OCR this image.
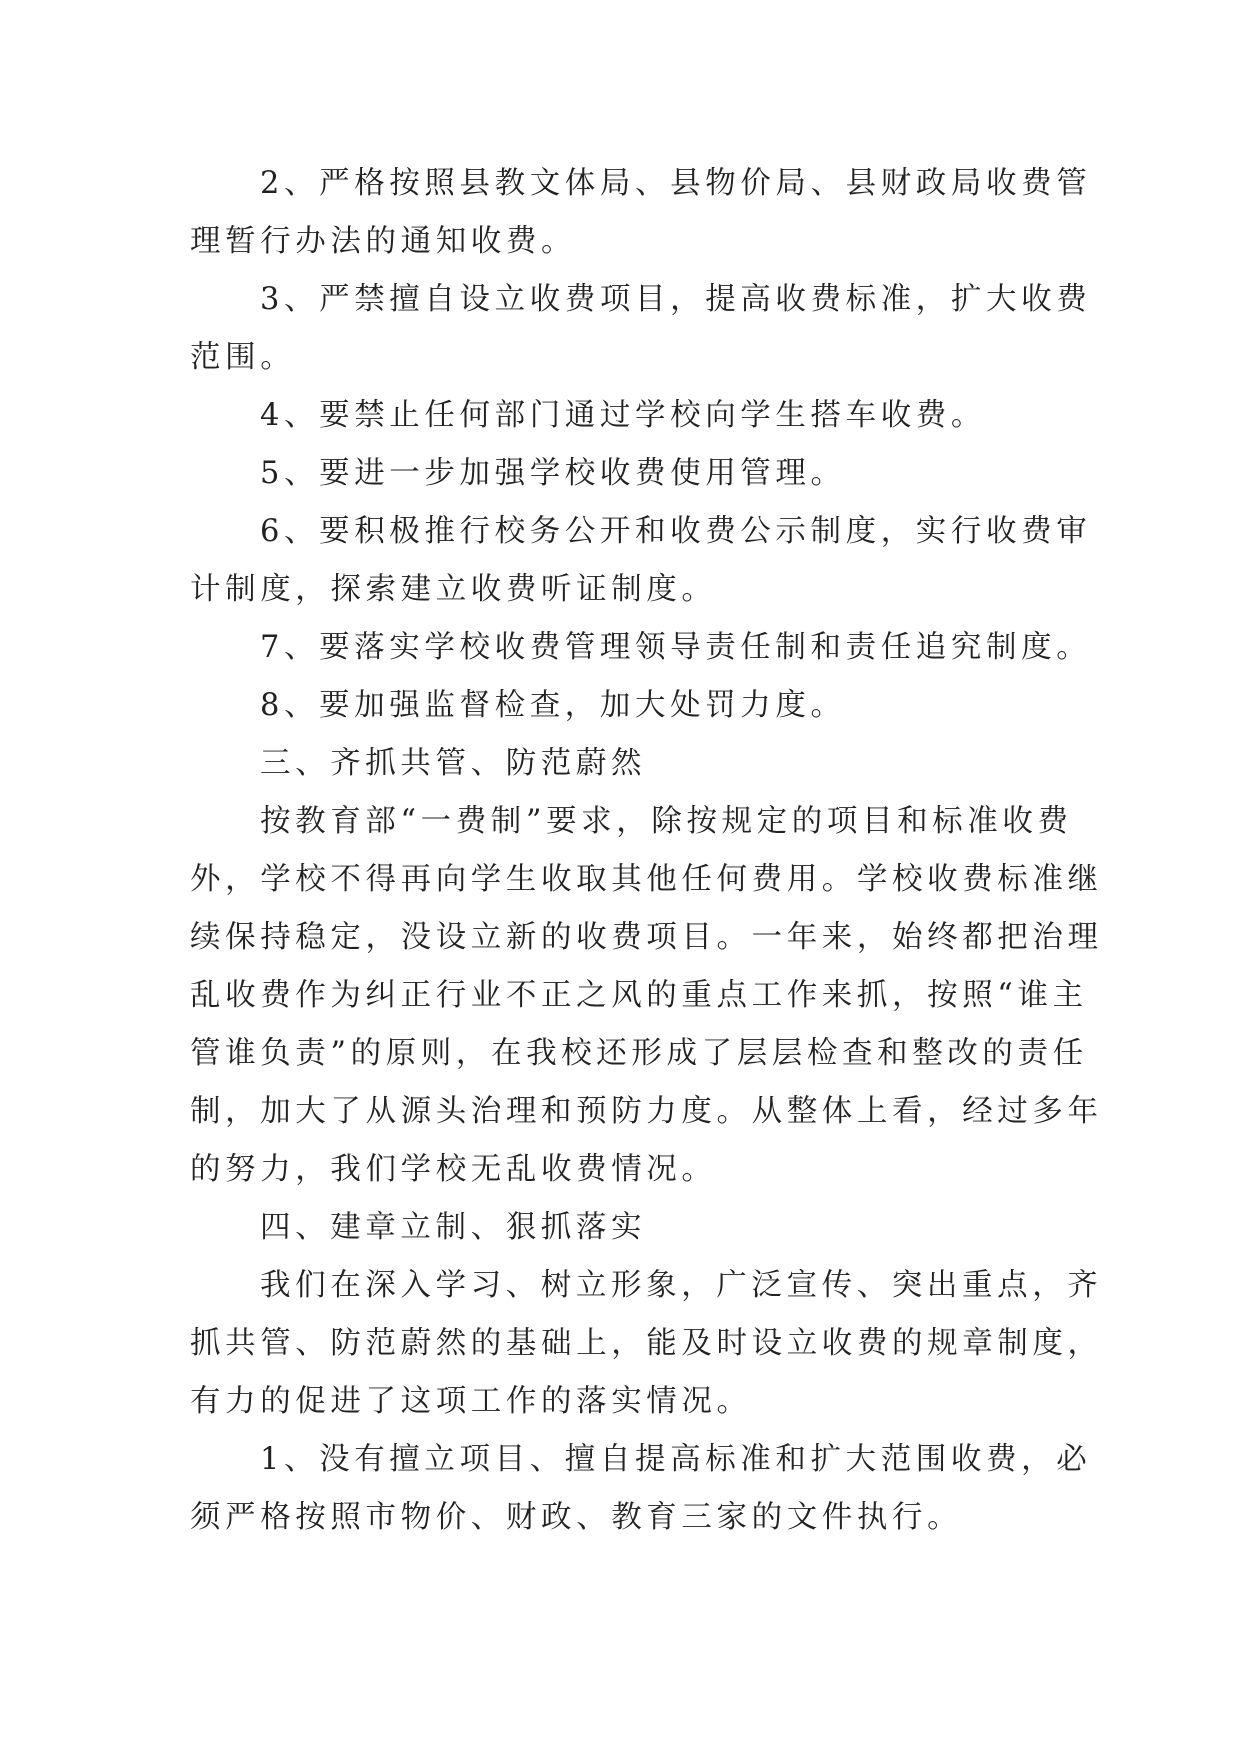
2、严格按照县教文体局、县物价局、县财政局收费管
理暂行办法的通知收费。
3、严禁擅自设立收费项目，提高收费标准，扩大收费
范围。
4、要禁止任何部门通过学校向学生搭车收费。
5、要进一步加强学校收费使用管理。
6、要积极推行校务公开和收费公示制度，实行收费审
计制度，探索建立收费听证制度。
7、要落实学校收费管理领导责任制和责任追究制度。
8、要加强监督检查，加大处罚力度。
三、齐抓共管、防范蔚然
按教育部“一费制”要求，除按规定的项目和标准收费
外，学校不得再向学生收取其他任何费用。学校收费标准继
续保持稳定，没设立新的收费项目。一年来，始终都把治理
乱收费作为纠正行业不正之风的重点工作来抓，按照“谁主
管谁负责”的原则，在我校还形成了层层检查和整改的责任
制，加大了从源头治理和预防力度。从整体上看，经过多年
的努力，我们学校无乱收费情况。
四、建章立制、狠抓落实
我们在深入学习、树立形象，广泛宣传、突出重点，齐
抓共管、防范蔚然的基础上，能及时设立收费的规章制度，
有力的促进了这项工作的落实情况。
1、没有擅立项目、擅自提高标准和扩大范围收费，必
须严格按照市物价、财政、教育三家的文件执行。
